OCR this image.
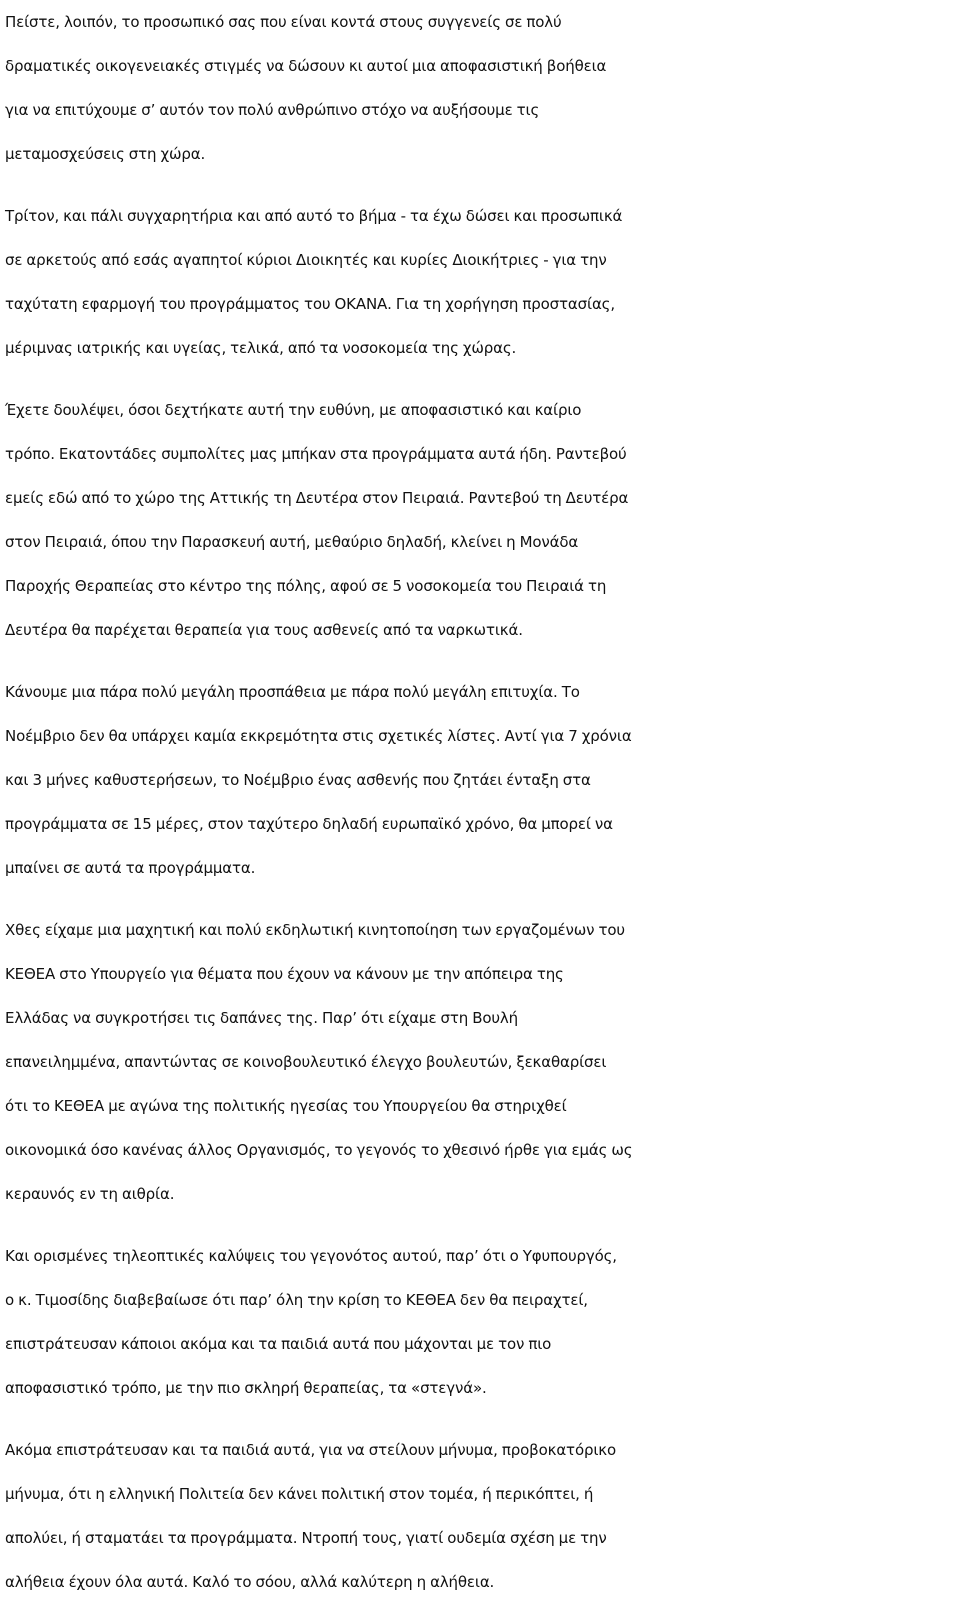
Πείστε, λοιπόν, το προσωπικό σας που είναι κοντά στους συγγενείς σε πολύ
δραματικές οικογενειακές στιγμές να δώσουν κι αυτοί μια αποφασιστική βοήθεια
για να επιτύχουμε σ’ αυτόν τον πολύ ανθρώπινο στόχο να αυξήσουμε τις
μεταμοσχεύσεις στη χώρα.
Τρίτον, και πάλι συγχαρητήρια και από αυτό το βήμα - τα έχω δώσει και προσωπικά
σε αρκετούς από εσάς αγαπητοί κύριοι Διοικητές και κυρίες Διοικήτριες - για την
ταχύτατη εφαρμογή του προγράμματος του ΟΚΑΝΑ. Για τη χορήγηση προστασίας,
μέριμνας ιατρικής και υγείας, τελικά, από τα νοσοκομεία της χώρας.
Έχετε δουλέψει, όσοι δεχτήκατε αυτή την ευθύνη, με αποφασιστικό και καίριο
τρόπο. Εκατοντάδες συμπολίτες μας μπήκαν στα προγράμματα αυτά ήδη. Ραντεβού
εμείς εδώ από το χώρο της Αττικής τη Δευτέρα στον Πειραιά. Ραντεβού τη Δευτέρα
στον Πειραιά, όπου την Παρασκευή αυτή, μεθαύριο δηλαδή, κλείνει η Μονάδα
Παροχής Θεραπείας στο κέντρο της πόλης, αφού σε 5 νοσοκομεία του Πειραιά τη
Δευτέρα θα παρέχεται θεραπεία για τους ασθενείς από τα ναρκωτικά.
Κάνουμε μια πάρα πολύ μεγάλη προσπάθεια με πάρα πολύ μεγάλη επιτυχία. Το
Νοέμβριο δεν θα υπάρχει καμία εκκρεμότητα στις σχετικές λίστες. Αντί για 7 χρόνια
και 3 μήνες καθυστερήσεων, το Νοέμβριο ένας ασθενής που ζητάει ένταξη στα
προγράμματα σε 15 μέρες, στον ταχύτερο δηλαδή ευρωπαϊκό χρόνο, θα μπορεί να
μπαίνει σε αυτά τα προγράμματα.
Χθες είχαμε μια μαχητική και πολύ εκδηλωτική κινητοποίηση των εργαζομένων του
ΚΕΘΕΑ στο Υπουργείο για θέματα που έχουν να κάνουν με την απόπειρα της
Ελλάδας να συγκροτήσει τις δαπάνες της. Παρ’ ότι είχαμε στη Βουλή
επανειλημμένα, απαντώντας σε κοινοβουλευτικό έλεγχο βουλευτών, ξεκαθαρίσει
ότι το ΚΕΘΕΑ με αγώνα της πολιτικής ηγεσίας του Υπουργείου θα στηριχθεί
οικονομικά όσο κανένας άλλος Οργανισμός, το γεγονός το χθεσινό ήρθε για εμάς ως
κεραυνός εν τη αιθρία.
Και ορισμένες τηλεοπτικές καλύψεις του γεγονότος αυτού, παρ’ ότι ο Υφυπουργός,
ο κ. Τιμοσίδης διαβεβαίωσε ότι παρ’ όλη την κρίση το ΚΕΘΕΑ δεν θα πειραχτεί,
επιστράτευσαν κάποιοι ακόμα και τα παιδιά αυτά που μάχονται με τον πιο
αποφασιστικό τρόπο, με την πιο σκληρή θεραπείας, τα «στεγνά».
Ακόμα επιστράτευσαν και τα παιδιά αυτά, για να στείλουν μήνυμα, προβοκατόρικο
μήνυμα, ότι η ελληνική Πολιτεία δεν κάνει πολιτική στον τομέα, ή περικόπτει, ή
απολύει, ή σταματάει τα προγράμματα. Ντροπή τους, γιατί ουδεμία σχέση με την
αλήθεια έχουν όλα αυτά. Καλό το σόου, αλλά καλύτερη η αλήθεια.
